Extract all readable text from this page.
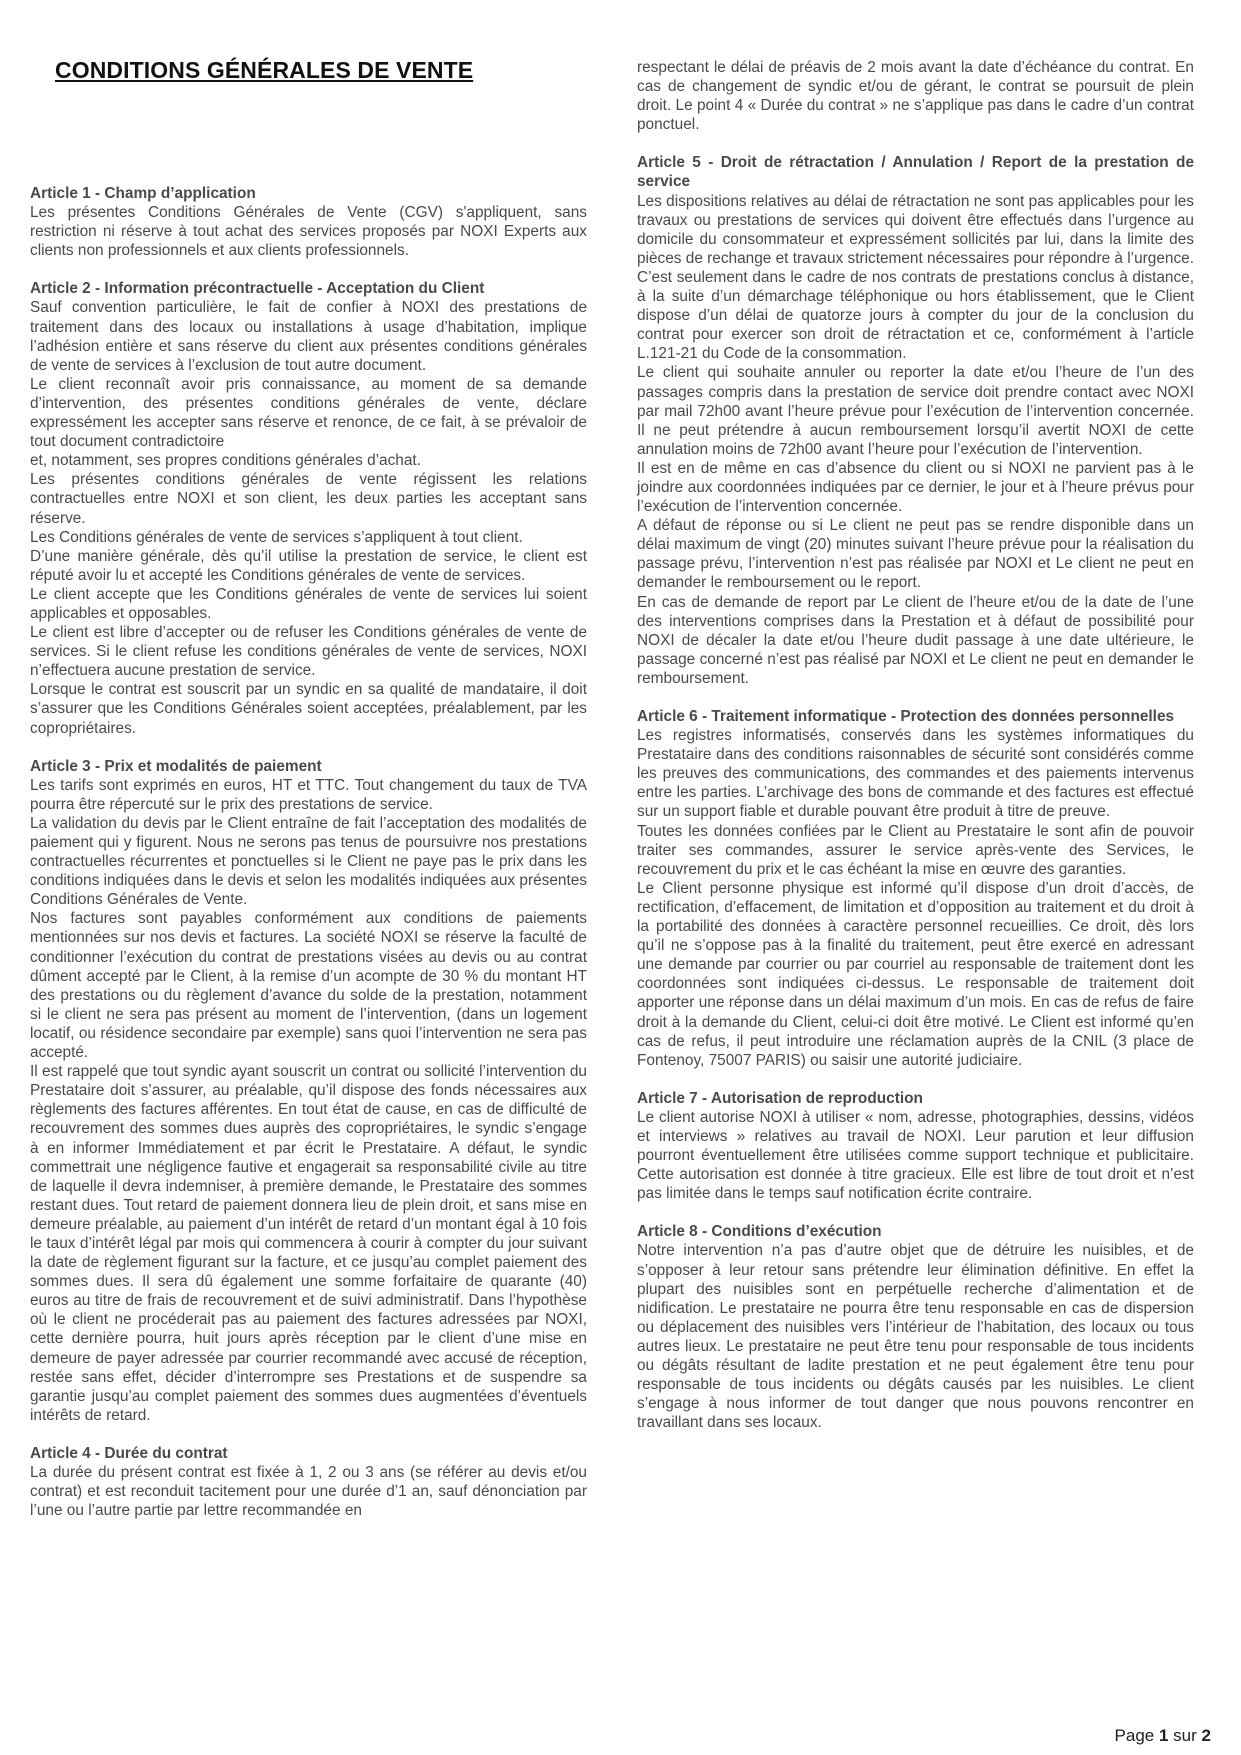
CONDITIONS GÉNÉRALES DE VENTE
Article 1 - Champ d’application

Les présentes Conditions Générales de Vente (CGV) s'appliquent, sans restriction ni réserve à tout achat des services proposés par NOXI Experts aux clients non professionnels et aux clients professionnels.

Article 2 - Information précontractuelle - Acceptation du Client

Sauf convention particulière, le fait de confier à NOXI des prestations de traitement dans des locaux ou installations à usage d’habitation, implique l’adhésion entière et sans réserve du client aux présentes conditions générales de vente de services à l’exclusion de tout autre document.

Le client reconnaît avoir pris connaissance, au moment de sa demande d’intervention, des présentes conditions générales de vente, déclare expressément les accepter sans réserve et renonce, de ce fait, à se prévaloir de tout document contradictoire

et, notamment, ses propres conditions générales d’achat.

Les présentes conditions générales de vente régissent les relations contractuelles entre NOXI et son client, les deux parties les acceptant sans réserve.

Les Conditions générales de vente de services s’appliquent à tout client.

D’une manière générale, dès qu’il utilise la prestation de service, le client est réputé avoir lu et accepté les Conditions générales de vente de services.

Le client accepte que les Conditions générales de vente de services lui soient applicables et opposables.

Le client est libre d’accepter ou de refuser les Conditions générales de vente de services. Si le client refuse les conditions générales de vente de services, NOXI n’effectuera aucune prestation de service.

Lorsque le contrat est souscrit par un syndic en sa qualité de mandataire, il doit s’assurer que les Conditions Générales soient acceptées, préalablement, par les copropriétaires.

Article 3 - Prix et modalités de paiement

Les tarifs sont exprimés en euros, HT et TTC. Tout changement du taux de TVA pourra être répercuté sur le prix des prestations de service.

La validation du devis par le Client entraîne de fait l’acceptation des modalités de paiement qui y figurent. Nous ne serons pas tenus de poursuivre nos prestations contractuelles récurrentes et ponctuelles si le Client ne paye pas le prix dans les conditions indiquées dans le devis et selon les modalités indiquées aux présentes Conditions Générales de Vente.

Nos factures sont payables conformément aux conditions de paiements mentionnées sur nos devis et factures. La société NOXI se réserve la faculté de conditionner l’exécution du contrat de prestations visées au devis ou au contrat dûment accepté par le Client, à la remise d’un acompte de 30 % du montant HT des prestations ou du règlement d’avance du solde de la prestation, notamment si le client ne sera pas présent au moment de l’intervention, (dans un logement locatif, ou résidence secondaire par exemple) sans quoi l’intervention ne sera pas accepté.

Il est rappelé que tout syndic ayant souscrit un contrat ou sollicité l’intervention du Prestataire doit s’assurer, au préalable, qu’il dispose des fonds nécessaires aux règlements des factures afférentes. En tout état de cause, en cas de difficulté de recouvrement des sommes dues auprès des copropriétaires, le syndic s’engage à en informer Immédiatement et par écrit le Prestataire. A défaut, le syndic commettrait une négligence fautive et engagerait sa responsabilité civile au titre de laquelle il devra indemniser, à première demande, le Prestataire des sommes restant dues. Tout retard de paiement donnera lieu de plein droit, et sans mise en demeure préalable, au paiement d’un intérêt de retard d’un montant égal à 10 fois le taux d’intérêt légal par mois qui commencera à courir à compter du jour suivant la date de règlement figurant sur la facture, et ce jusqu’au complet paiement des sommes dues. Il sera dû également une somme forfaitaire de quarante (40) euros au titre de frais de recouvrement et de suivi administratif. Dans l’hypothèse où le client ne procéderait pas au paiement des factures adressées par NOXI, cette dernière pourra, huit jours après réception par le client d’une mise en demeure de payer adressée par courrier recommandé avec accusé de réception, restée sans effet, décider d’interrompre ses Prestations et de suspendre sa garantie jusqu’au complet paiement des sommes dues augmentées d’éventuels intérêts de retard.

Article 4 - Durée du contrat

La durée du présent contrat est fixée à 1, 2 ou 3 ans (se référer au devis et/ou contrat) et est reconduit tacitement pour une durée d’1 an, sauf dénonciation par l’une ou l’autre partie par lettre recommandée en

respectant le délai de préavis de 2 mois avant la date d’échéance du contrat. En cas de changement de syndic et/ou de gérant, le contrat se poursuit de plein droit. Le point 4 « Durée du contrat » ne s’applique pas dans le cadre d’un contrat ponctuel.

Article 5 - Droit de rétractation / Annulation / Report de la prestation de service

Les dispositions relatives au délai de rétractation ne sont pas applicables pour les travaux ou prestations de services qui doivent être effectués dans l’urgence au domicile du consommateur et expressément sollicités par lui, dans la limite des pièces de rechange et travaux strictement nécessaires pour répondre à l’urgence. C’est seulement dans le cadre de nos contrats de prestations conclus à distance, à la suite d’un démarchage téléphonique ou hors établissement, que le Client dispose d’un délai de quatorze jours à compter du jour de la conclusion du contrat pour exercer son droit de rétractation et ce, conformément à l’article L.121-21 du Code de la consommation.

Le client qui souhaite annuler ou reporter la date et/ou l’heure de l’un des passages compris dans la prestation de service doit prendre contact avec NOXI par mail 72h00 avant l’heure prévue pour l’exécution de l’intervention concernée. Il ne peut prétendre à aucun remboursement lorsqu’il avertit NOXI de cette annulation moins de 72h00 avant l’heure pour l’exécution de l’intervention.

Il est en de même en cas d’absence du client ou si NOXI ne parvient pas à le joindre aux coordonnées indiquées par ce dernier, le jour et à l’heure prévus pour l’exécution de l’intervention concernée.

A défaut de réponse ou si Le client ne peut pas se rendre disponible dans un délai maximum de vingt (20) minutes suivant l’heure prévue pour la réalisation du passage prévu, l’intervention n’est pas réalisée par NOXI et Le client ne peut en demander le remboursement ou le report.

En cas de demande de report par Le client de l’heure et/ou de la date de l’une des interventions comprises dans la Prestation et à défaut de possibilité pour NOXI de décaler la date et/ou l’heure dudit passage à une date ultérieure, le passage concerné n’est pas réalisé par NOXI et Le client ne peut en demander le remboursement.

Article 6 - Traitement informatique - Protection des données personnelles

Les registres informatisés, conservés dans les systèmes informatiques du Prestataire dans des conditions raisonnables de sécurité sont considérés comme les preuves des communications, des commandes et des paiements intervenus entre les parties. L’archivage des bons de commande et des factures est effectué sur un support fiable et durable pouvant être produit à titre de preuve.

Toutes les données confiées par le Client au Prestataire le sont afin de pouvoir traiter ses commandes, assurer le service après-vente des Services, le recouvrement du prix et le cas échéant la mise en œuvre des garanties.

Le Client personne physique est informé qu’il dispose d’un droit d’accès, de rectification, d’effacement, de limitation et d’opposition au traitement et du droit à la portabilité des données à caractère personnel recueillies. Ce droit, dès lors qu’il ne s’oppose pas à la finalité du traitement, peut être exercé en adressant une demande par courrier ou par courriel au responsable de traitement dont les coordonnées sont indiquées ci-dessus. Le responsable de traitement doit apporter une réponse dans un délai maximum d’un mois. En cas de refus de faire droit à la demande du Client, celui-ci doit être motivé. Le Client est informé qu’en cas de refus, il peut introduire une réclamation auprès de la CNIL (3 place de Fontenoy, 75007 PARIS) ou saisir une autorité judiciaire.

Article 7 - Autorisation de reproduction

Le client autorise NOXI à utiliser « nom, adresse, photographies, dessins, vidéos et interviews » relatives au travail de NOXI. Leur parution et leur diffusion pourront éventuellement être utilisées comme support technique et publicitaire. Cette autorisation est donnée à titre gracieux. Elle est libre de tout droit et n’est pas limitée dans le temps sauf notification écrite contraire.

Article 8 - Conditions d’exécution

Notre intervention n’a pas d’autre objet que de détruire les nuisibles, et de s’opposer à leur retour sans prétendre leur élimination définitive. En effet la plupart des nuisibles sont en perpétuelle recherche d’alimentation et de nidification. Le prestataire ne pourra être tenu responsable en cas de dispersion ou déplacement des nuisibles vers l’intérieur de l’habitation, des locaux ou tous autres lieux. Le prestataire ne peut être tenu pour responsable de tous incidents ou dégâts résultant de ladite prestation et ne peut également être tenu pour responsable de tous incidents ou dégâts causés par les nuisibles. Le client s’engage à nous informer de tout danger que nous pouvons rencontrer en travaillant dans ses locaux.

Page 1 sur 2
